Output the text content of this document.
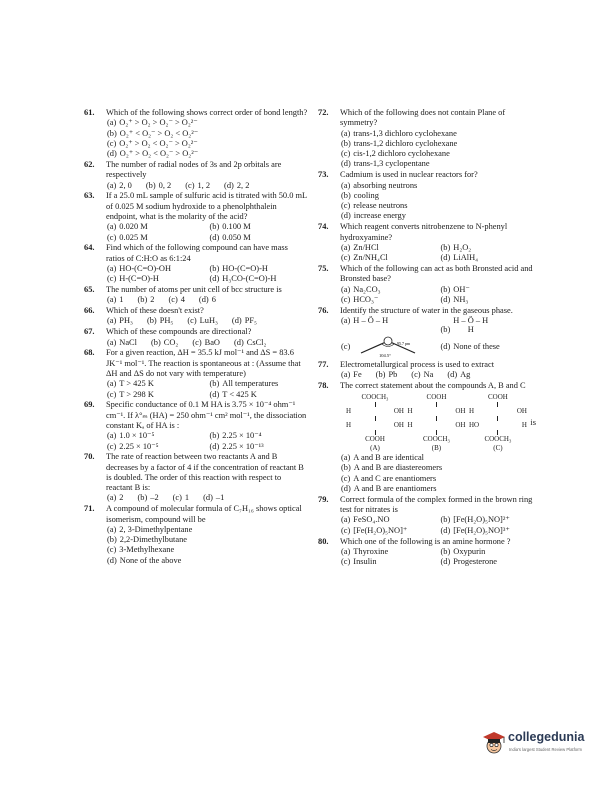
61. Which of the following shows correct order of bond length?
(a) O₂⁺ > O₂ > O₂⁻ > O₂²⁻
(b) O₂⁺ < O₂⁻ > O₂ < O₂²⁻
(c) O₂⁺ > O₂ < O₂⁻ > O₂²⁻
(d) O₂⁺ > O₂ < O₂⁻ > O₂²⁻
62. The number of radial nodes of 3s and 2p orbitals are respectively
(a) 2, 0 (b) 0, 2 (c) 1, 2 (d) 2, 2
63. If a 25.0 mL sample of sulfuric acid is titrated with 50.0 mL of 0.025 M sodium hydroxide to a phenolphthalein endpoint, what is the molarity of the acid?
(a) 0.020 M	(b) 0.100 M
(c) 0.025 M	(d) 0.050 M
64. Find which of the following compound can have mass ratios of C:H:O as 6:1:24
(a) HO-(C=O)-OH	(b) HO-(C=O)-H
(c) H-(C=O)-H	(d) H₃CO-(C=O)-H
65. The number of atoms per unit cell of bcc structure is
(a) 1 (b) 2 (c) 4 (d) 6
66. Which of these doesn't exist?
(a) PH₃ (b) PH₅ (c) LuH₃ (d) PF₅
67. Which of these compounds are directional?
(a) NaCl (b) CO₂ (c) BaO (d) CsCl₂
68. For a given reaction, ΔH = 35.5 kJ mol⁻¹ and ΔS = 83.6 JK⁻¹ mol⁻¹. The reaction is spontaneous at : (Assume that ΔH and ΔS do not vary with temperature)
(a) T > 425 K	(b) All temperatures
(c) T > 298 K	(d) T < 425 K
69. Specific conductance of 0.1 M HA is 3.75 × 10⁻⁴ ohm⁻¹ cm⁻¹. If λ°ₘ (HA) = 250 ohm⁻¹ cm² mol⁻¹, the dissociation constant Kₐ of HA is :
(a) 1.0 × 10⁻⁵	(b) 2.25 × 10⁻⁴
(c) 2.25 × 10⁻⁵	(d) 2.25 × 10⁻¹³
70. The rate of reaction between two reactants A and B decreases by a factor of 4 if the concentration of reactant B is doubled. The order of this reaction with respect to reactant B is:
(a) 2 (b) –2 (c) 1 (d) –1
71. A compound of molecular formula of C₇H₁₆ shows optical isomerism, compound will be
(a) 2, 3-Dimethylpentane
(b) 2,2-Dimethylbutane
(c) 3-Methylhexane
(d) None of the above
72. Which of the following does not contain Plane of symmetry?
(a) trans-1,3 dichloro cyclohexane
(b) trans-1,2 dichloro cyclohexane
(c) cis-1,2 dichloro cyclohexane
(d) trans-1,3 cyclopentane
73. Cadmium is used in nuclear reactors for?
(a) absorbing neutrons
(b) cooling
(c) release neutrons
(d) increase energy
74. Which reagent converts nitrobenzene to N-phenyl hydroxyamine?
(a) Zn/HCl	(b) H₂O₂
(c) Zn/NH₄Cl	(d) LiAlH₄
75. Which of the following can act as both Bronsted acid and Bronsted base?
(a) Na₂CO₃	(b) OH⁻
(c) HCO₃⁻	(d) NH₃
76. Identify the structure of water in the gaseous phase.
(a) H – Ö – H
(b)H – Ö – H
H
(c)
104.5°
95.7 pm	(d) None of these
77. Electrometallurgical process is used to extract
(a) Fe (b) Pb (c) Na (d) Ag
78. The correct statement about the compounds A, B and C
COOCH₃
H	OH
H	OH
COOH
(A)
COOH
H	OH
H	OH
COOCH₃
(B)
COOH
H	OH
HO	H
COOCH₃
(C)
is
(a) A and B are identical
(b) A and B are diastereomers
(c) A and C are enantiomers
(d) A and B are enantiomers
79. Correct formula of the complex formed in the brown ring test for nitrates is
(a) FeSO₄.NO	(b) [Fe(H₂O)₅NO]²⁺
(c) [Fe(H₂O)₅NO]⁺	(d) [Fe(H₂O)₅NO]³⁺
80. Which one of the following is an amine hormone ?
(a) Thyroxine	(b) Oxypurin
(c) Insulin	(d) Progesterone
collegedunia
India's largest Student Review Platform
